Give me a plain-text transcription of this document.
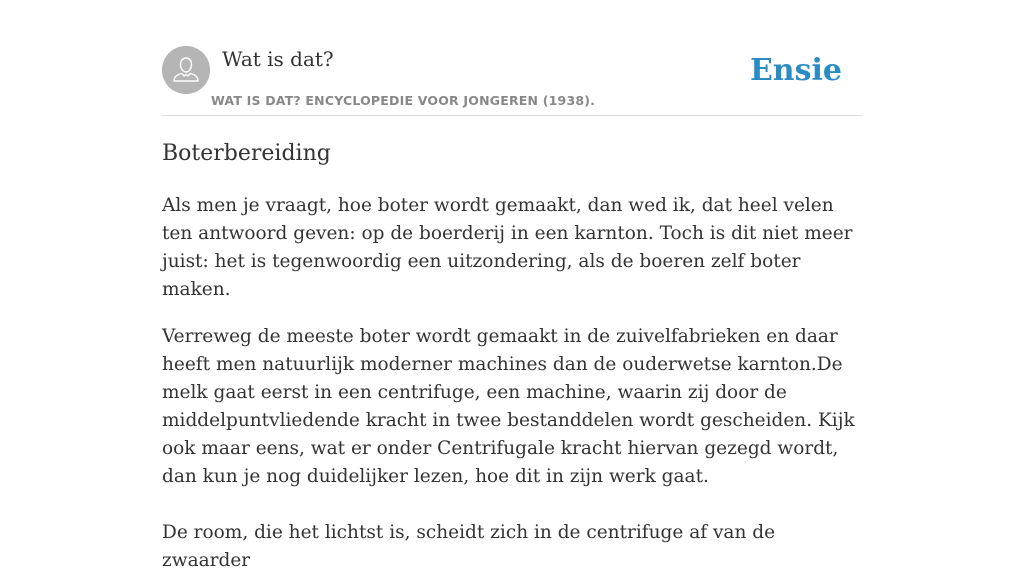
Wat is dat?
WAT IS DAT? ENCYCLOPEDIE VOOR JONGEREN (1938).
Ensie
Boterbereiding

Als men je vraagt, hoe boter wordt gemaakt, dan wed ik, dat heel velen ten antwoord geven: op de boerderij in een karnton. Toch is dit niet meer juist: het is tegenwoordig een uitzondering, als de boeren zelf boter maken.

Verreweg de meeste boter wordt gemaakt in de zuivelfabrieken en daar heeft men natuurlijk moderner machines dan de ouderwetse karnton.De melk gaat eerst in een centrifuge, een machine, waarin zij door de middelpuntvliedende kracht in twee bestanddelen wordt gescheiden. Kijk ook maar eens, wat er onder Centrifugale kracht hiervan gezegd wordt, dan kun je nog duidelijker lezen, hoe dit in zijn werk gaat.

De room, die het lichtst is, scheidt zich in de centrifuge af van de zwaarder
